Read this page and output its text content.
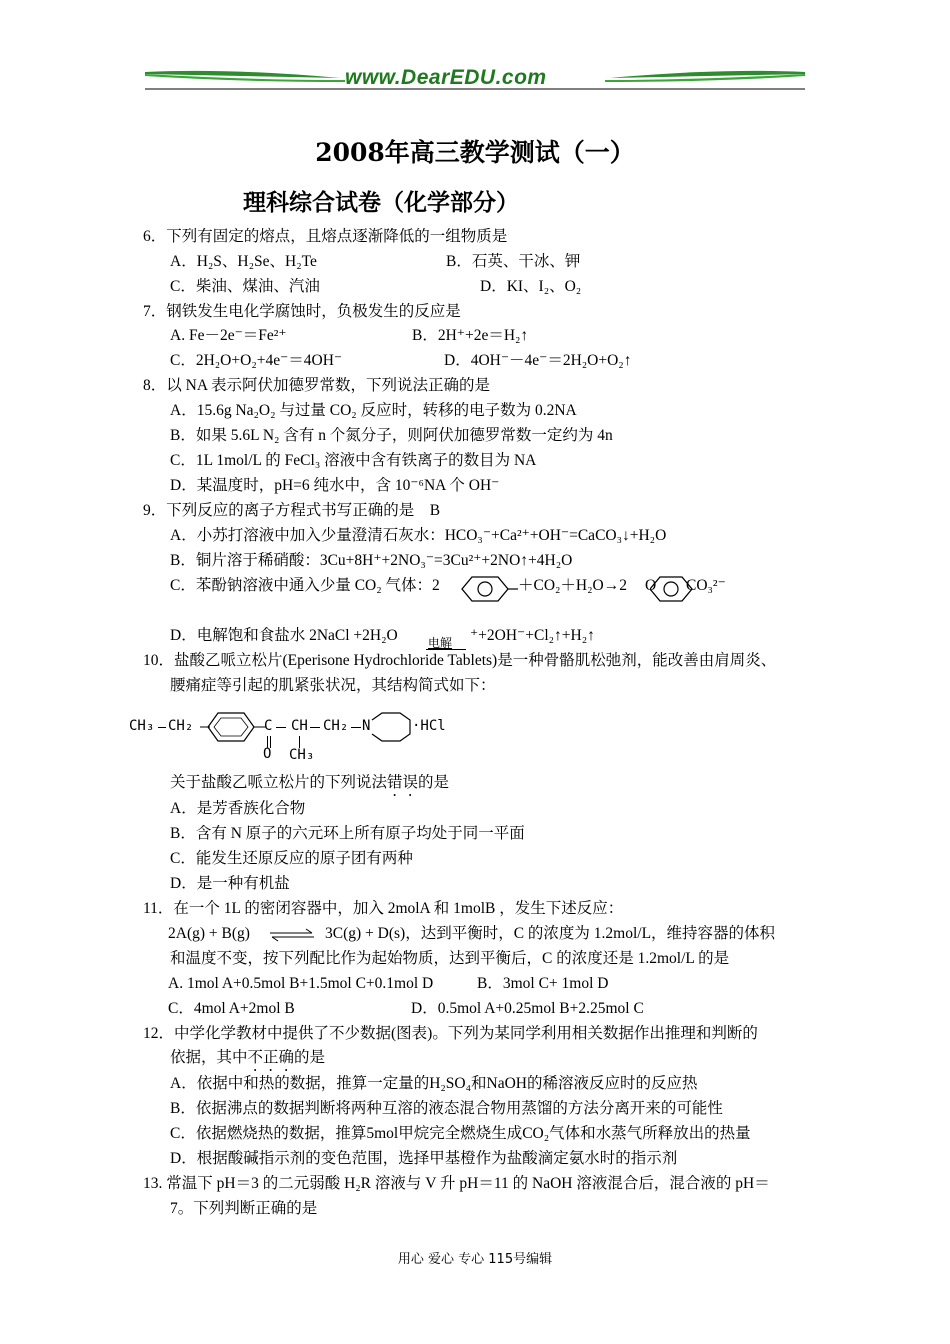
www.DearEDU.com
2008年高三教学测试（一）
理科综合试卷（化学部分）
6．下列有固定的熔点，且熔点逐渐降低的一组物质是
A．H₂S、H₂Se、H₂Te	B．石英、干冰、钾
C．柴油、煤油、汽油	D．KI、I₂、O₂
7．钢铁发生电化学腐蚀时，负极发生的反应是
A. Fe－2e⁻＝Fe²⁺	B．2H⁺+2e＝H₂↑
C．2H₂O+O₂+4e⁻＝4OH⁻	D．4OH⁻－4e⁻＝2H₂O+O₂↑
8．以 NA 表示阿伏加德罗常数，下列说法正确的是
A．15.6g Na₂O₂ 与过量 CO₂ 反应时，转移的电子数为 0.2NA
B．如果 5.6L N₂ 含有 n 个氮分子，则阿伏加德罗常数一定约为 4n
C．1L 1mol/L 的 FeCl₃ 溶液中含有铁离子的数目为 NA
D．某温度时，pH=6 纯水中，含 10⁻⁶NA 个 OH⁻
9．下列反应的离子方程式书写正确的是　B
A．小苏打溶液中加入少量澄清石灰水：HCO₃⁻+Ca²⁺+OH⁻=CaCO₃↓+H₂O
B．铜片溶于稀硝酸：3Cu+8H⁺+2NO₃⁻=3Cu²⁺+2NO↑+4H₂O
C．苯酚钠溶液中通入少量 CO₂ 气体：2	＋CO₂＋H₂O→2 O CO₃²⁻
D．电解饱和食盐水 2NaCl +2H₂O	电解 ⁺+2OH⁻+Cl₂↑+H₂↑
10．盐酸乙哌立松片(Eperisone Hydrochloride Tablets)是一种骨骼肌松弛剂，能改善由肩周炎、
腰痛症等引起的肌紧张状况，其结构简式如下：
CH₃ CH₂	C CH CH₂ N	·HCl
O CH₃
关于盐酸乙哌立松片的下列说法错误的是
A．是芳香族化合物
B．含有 N 原子的六元环上所有原子均处于同一平面
C．能发生还原反应的原子团有两种
D．是一种有机盐
11．在一个 1L 的密闭容器中，加入 2molA 和 1molB ，发生下述反应：
2A(g) + B(g) ⇌ 3C(g) + D(s)，达到平衡时，C 的浓度为 1.2mol/L，维持容器的体积
和温度不变，按下列配比作为起始物质，达到平衡后，C 的浓度还是 1.2mol/L 的是
A. 1mol A+0.5mol B+1.5mol C+0.1mol D	B．3mol C+ 1mol D
C．4mol A+2mol B	D．0.5mol A+0.25mol B+2.25mol C
12．中学化学教材中提供了不少数据(图表)。下列为某同学利用相关数据作出推理和判断的
依据，其中不正确的是
A．依据中和热的数据，推算一定量的H₂SO₄和NaOH的稀溶液反应时的反应热
B．依据沸点的数据判断将两种互溶的液态混合物用蒸馏的方法分离开来的可能性
C．依据燃烧热的数据，推算5mol甲烷完全燃烧生成CO₂气体和水蒸气所释放出的热量
D．根据酸碱指示剂的变色范围，选择甲基橙作为盐酸滴定氨水时的指示剂
13. 常温下 pH＝3 的二元弱酸 H₂R 溶液与 V 升 pH＝11 的 NaOH 溶液混合后，混合液的 pH＝
7。下列判断正确的是
用心 爱心 专心 115号编辑
